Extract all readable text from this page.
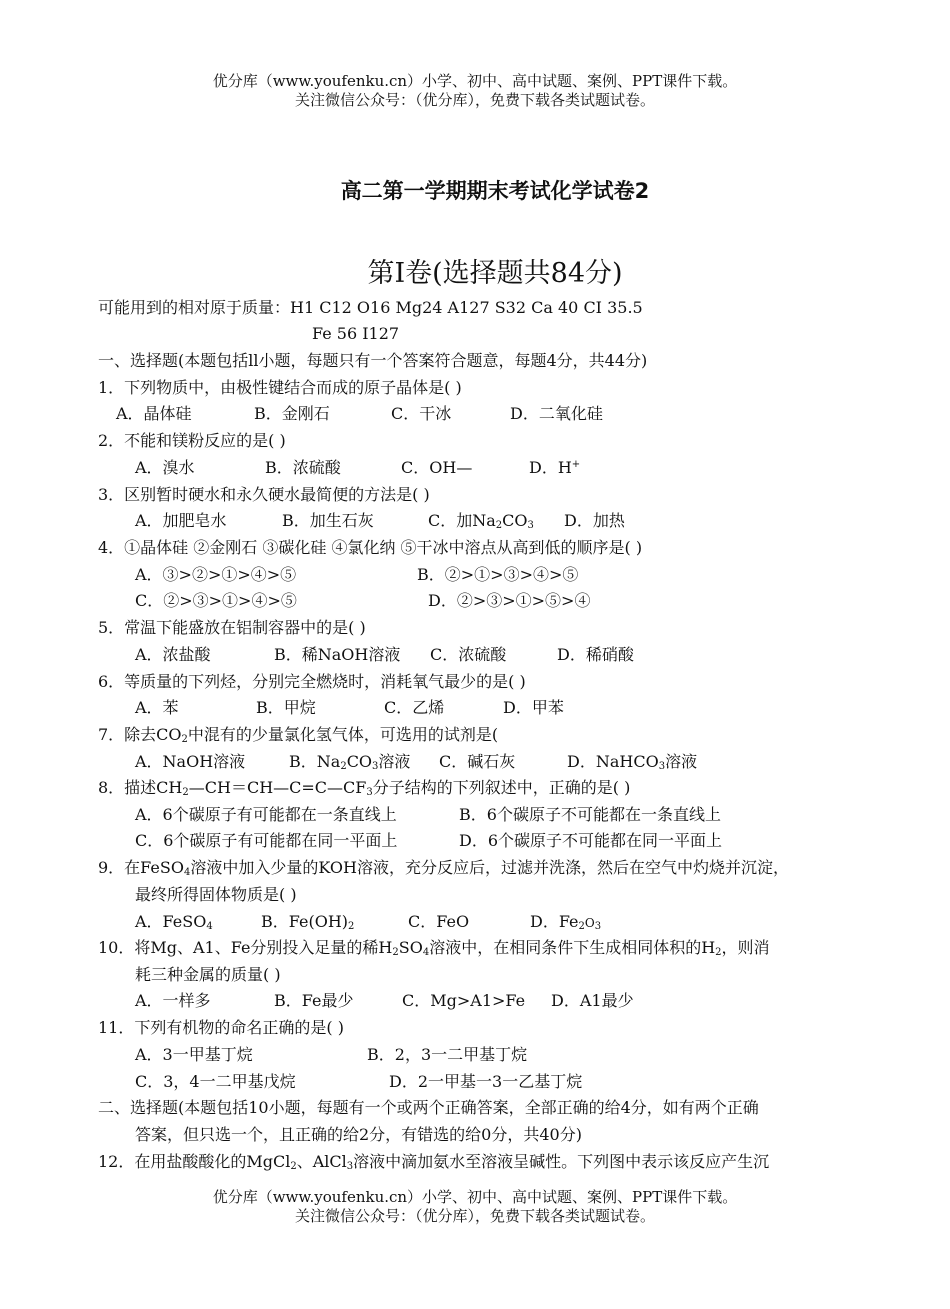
优分库（www.youfenku.cn）小学、初中、高中试题、案例、PPT课件下载。
关注微信公众号：（优分库），免费下载各类试题试卷。
高二第一学期期末考试化学试卷2
第Ⅰ卷(选择题共84分)
可能用到的相对原于质量：H1 C12 O16 Mg24 A127 S32 Ca 40 CI 35.5
Fe 56 I127
一、选择题(本题包括ll小题，每题只有一个答案符合题意，每题4分，共44分)
1．下列物质中，由极性键结合而成的原子晶体是( )
A．晶体硅	B．金刚石	C．干冰	D．二氧化硅
2．不能和镁粉反应的是( )
A．溴水	B．浓硫酸	C．OH—	D．H+
3．区别暂时硬水和永久硬水最简便的方法是( )
A．加肥皂水	B．加生石灰	C．加$Na_2CO_3$ D．加热
4．①晶体硅 ②金刚石 ③碳化硅 ④氯化纳 ⑤干冰中溶点从高到低的顺序是( )
A．③>②>①>④>⑤	B．②>①>③>④>⑤
C．②>③>①>④>⑤	D．②>③>①>⑤>④
5．常温下能盛放在铝制容器中的是( )
A．浓盐酸	B．稀NaOH溶液 C．浓硫酸	D．稀硝酸
6．等质量的下列烃，分别完全燃烧时，消耗氧气最少的是( )
A．苯	B．甲烷	C．乙烯	D．甲苯
7．除去$CO_2$中混有的少量氯化氢气体，可选用的试剂是(
A．NaOH溶液	B．$Na_2CO_3$溶液 C．碱石灰	D．NaHCO$_3$溶液
8．描述$CH_2—CH=CH—C=C—CF_3$分子结构的下列叙述中，正确的是( )
A．6个碳原子有可能都在一条直线上	B．6个碳原子不可能都在一条直线上
C．6个碳原子有可能都在同一平面上	D．6个碳原子不可能都在同一平面上
9．在FeSO$_4$溶液中加入少量的KOH溶液，充分反应后，过滤并洗涤，然后在空气中灼烧并沉淀，
最终所得固体物质是( )
A．FeSO$_4$	B．$Fe(OH)_2$	C．FeO	D．$Fe_2O_3$
10．将Mg、A1、Fe分别投入足量的稀$H_2SO_4$溶液中，在相同条件下生成相同体积的$H_2$，则消
耗三种金属的质量( )
A．一样多	B．Fe最少	C．Mg>A1>Fe D．A1最少
11．下列有机物的命名正确的是( )
A．3一甲基丁烷	B．2，3一二甲基丁烷
C．3，4一二甲基戊烷	D．2一甲基一3一乙基丁烷
二、选择题(本题包括10小题，每题有一个或两个正确答案，全部正确的给4分，如有两个正确
答案，但只选一个，且正确的给2分，有错选的给0分，共40分)
12．在用盐酸酸化的MgCl$_2$、AlCl$_3$溶液中滴加氨水至溶液呈碱性。下列图中表示该反应产生沉
优分库（www.youfenku.cn）小学、初中、高中试题、案例、PPT课件下载。
关注微信公众号：（优分库），免费下载各类试题试卷。
